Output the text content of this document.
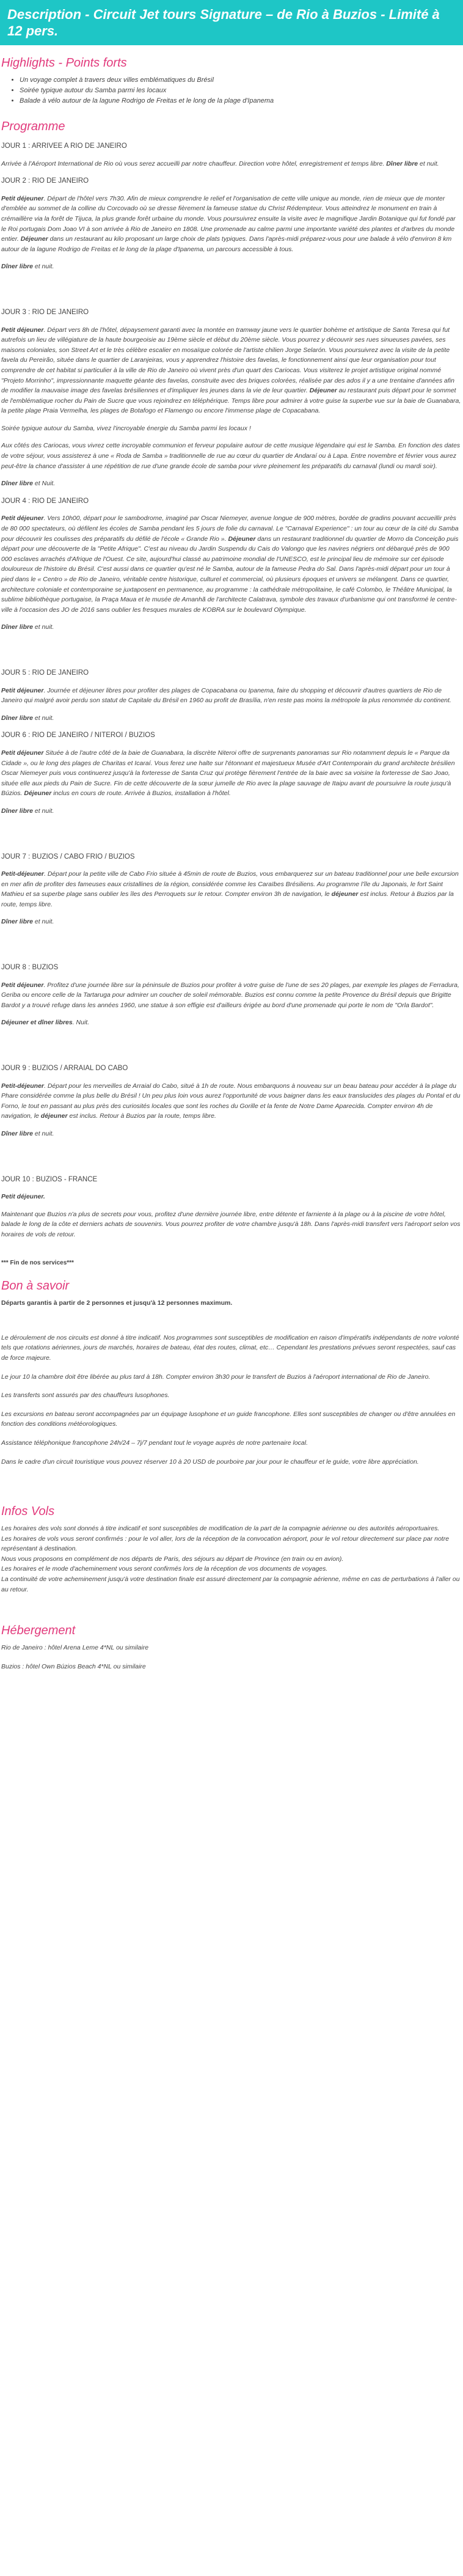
Description - Circuit Jet tours Signature – de Rio à Buzios - Limité à 12 pers.
Highlights - Points forts
• Un voyage complet à travers deux villes emblématiques du Brésil
• Soirée typique autour du Samba parmi les locaux
• Balade à vélo autour de la lagune Rodrigo de Freitas et le long de la plage d'Ipanema
Programme

JOUR 1 : ARRIVEE A RIO DE JANEIRO

Arrivée à l'Aéroport International de Rio où vous serez accueilli par notre chauffeur. Direction votre hôtel, enregistrement et temps libre. Dîner libre et nuit.

JOUR 2 : RIO DE JANEIRO

Petit déjeuner. Départ de l'hôtel vers 7h30. Afin de mieux comprendre le relief et l'organisation de cette ville unique au monde, rien de mieux que de monter d'emblée au sommet de la colline du Corcovado où se dresse fièrement la fameuse statue du Christ Rédempteur. Vous atteindrez le monument en train à crémaillère via la forêt de Tijuca, la plus grande forêt urbaine du monde. Vous poursuivrez ensuite la visite avec le magnifique Jardin Botanique qui fut fondé par le Roi portugais Dom Joao VI à son arrivée à Rio de Janeiro en 1808. Une promenade au calme parmi une importante variété des plantes et d'arbres du monde entier. Déjeuner dans un restaurant au kilo proposant un large choix de plats typiques. Dans l'après-midi préparez-vous pour une balade à vélo d'environ 8 km autour de la lagune Rodrigo de Freitas et le long de la plage d'Ipanema, un parcours accessible à tous.

Dîner libre et nuit.

JOUR 3 : RIO DE JANEIRO

Petit déjeuner. Départ vers 8h de l'hôtel, dépaysement garanti avec la montée en tramway jaune vers le quartier bohème et artistique de Santa Teresa qui fut autrefois un lieu de villégiature de la haute bourgeoisie au 19ème siècle et début du 20ème siècle. Vous pourrez y découvrir ses rues sinueuses pavées, ses maisons coloniales, son Street Art et le très célèbre escalier en mosaïque colorée de l'artiste chilien Jorge Selarón. Vous poursuivrez avec la visite de la petite favela du Pereirão, située dans le quartier de Laranjeiras, vous y apprendrez l'histoire des favelas, le fonctionnement ainsi que leur organisation pour tout comprendre de cet habitat si particulier à la ville de Rio de Janeiro où vivent près d'un quart des Cariocas. Vous visiterez le projet artistique original nommé "Projeto Morrinho", impressionnante maquette géante des favelas, construite avec des briques colorées, réalisée par des ados il y a une trentaine d'années afin de modifier la mauvaise image des favelas brésiliennes et d'impliquer les jeunes dans la vie de leur quartier. Déjeuner au restaurant puis départ pour le sommet de l'emblématique rocher du Pain de Sucre que vous rejoindrez en téléphérique. Temps libre pour admirer à votre guise la superbe vue sur la baie de Guanabara, la petite plage Praia Vermelha, les plages de Botafogo et Flamengo ou encore l'immense plage de Copacabana.

Soirée typique autour du Samba, vivez l'incroyable énergie du Samba parmi les locaux !

Aux côtés des Cariocas, vous vivrez cette incroyable communion et ferveur populaire autour de cette musique légendaire qui est le Samba. En fonction des dates de votre séjour, vous assisterez à une « Roda de Samba » traditionnelle de rue au cœur du quartier de Andaraí ou à Lapa. Entre novembre et février vous aurez peut-être la chance d'assister à une répétition de rue d'une grande école de samba pour vivre pleinement les préparatifs du carnaval (lundi ou mardi soir).

Dîner libre et Nuit.

JOUR 4 : RIO DE JANEIRO

Petit déjeuner. Vers 10h00, départ pour le sambodrome, imaginé par Oscar Niemeyer, avenue longue de 900 mètres, bordée de gradins pouvant accueillir près de 80 000 spectateurs, où défilent les écoles de Samba pendant les 5 jours de folie du carnaval. Le "Carnaval Experience" : un tour au cœur de la cité du Samba pour découvrir les coulisses des préparatifs du défilé de l'école « Grande Rio ». Déjeuner dans un restaurant traditionnel du quartier de Morro da Conceição puis départ pour une découverte de la "Petite Afrique". C'est au niveau du Jardin Suspendu du Cais do Valongo que les navires négriers ont débarqué près de 900 000 esclaves arrachés d'Afrique de l'Ouest. Ce site, aujourd'hui classé au patrimoine mondial de l'UNESCO, est le principal lieu de mémoire sur cet épisode douloureux de l'histoire du Brésil. C'est aussi dans ce quartier qu'est né le Samba, autour de la fameuse Pedra do Sal. Dans l'après-midi départ pour un tour à pied dans le « Centro » de Rio de Janeiro, véritable centre historique, culturel et commercial, où plusieurs époques et univers se mélangent. Dans ce quartier, architecture coloniale et contemporaine se juxtaposent en permanence, au programme : la cathédrale métropolitaine, le café Colombo, le Théâtre Municipal, la sublime bibliothèque portugaise, la Praça Maua et le musée de Amanhã de l'architecte Calatrava, symbole des travaux d'urbanisme qui ont transformé le centre-ville à l'occasion des JO de 2016 sans oublier les fresques murales de KOBRA sur le boulevard Olympique.

Dîner libre et nuit.

JOUR 5 : RIO DE JANEIRO

Petit déjeuner. Journée et déjeuner libres pour profiter des plages de Copacabana ou Ipanema, faire du shopping et découvrir d'autres quartiers de Rio de Janeiro qui malgré avoir perdu son statut de Capitale du Brésil en 1960 au profit de Brasília, n'en reste pas moins la métropole la plus renommée du continent.

Dîner libre et nuit.

JOUR 6 : RIO DE JANEIRO / NITEROI / BUZIOS

Petit déjeuner Située à de l'autre côté de la baie de Guanabara, la discrète Niteroi offre de surprenants panoramas sur Rio notamment depuis le « Parque da Cidade », ou le long des plages de Charitas et Icaraí. Vous ferez une halte sur l'étonnant et majestueux Musée d'Art Contemporain du grand architecte brésilien Oscar Niemeyer puis vous continuerez jusqu'à la forteresse de Santa Cruz qui protège fièrement l'entrée de la baie avec sa voisine la forteresse de Sao Joao, située elle aux pieds du Pain de Sucre. Fin de cette découverte de la sœur jumelle de Rio avec la plage sauvage de Itaipu avant de poursuivre la route jusqu'à Búzios. Déjeuner inclus en cours de route. Arrivée à Buzios, installation à l'hôtel.

Dîner libre et nuit.

JOUR 7 : BUZIOS / CABO FRIO / BUZIOS

Petit-déjeuner. Départ pour la petite ville de Cabo Frio située à 45min de route de Buzios, vous embarquerez sur un bateau traditionnel pour une belle excursion en mer afin de profiter des fameuses eaux cristallines de la région, considérée comme les Caraïbes Brésiliens. Au programme l'île du Japonais, le fort Saint Mathieu et sa superbe plage sans oublier les îles des Perroquets sur le retour. Compter environ 3h de navigation, le déjeuner est inclus. Retour à Buzios par la route, temps libre.

Dîner libre et nuit.

JOUR 8 : BUZIOS

Petit déjeuner. Profitez d'une journée libre sur la péninsule de Buzios pour profiter à votre guise de l'une de ses 20 plages, par exemple les plages de Ferradura, Geriba ou encore celle de la Tartaruga pour admirer un coucher de soleil mémorable. Buzios est connu comme la petite Provence du Brésil depuis que Brigitte Bardot y a trouvé refuge dans les années 1960, une statue à son effigie est d'ailleurs érigée au bord d'une promenade qui porte le nom de "Orla Bardot".

Déjeuner et dîner libres. Nuit.

JOUR 9 : BUZIOS / ARRAIAL DO CABO

Petit-déjeuner. Départ pour les merveilles de Arraial do Cabo, situé à 1h de route. Nous embarquons à nouveau sur un beau bateau pour accéder à la plage du Phare considérée comme la plus belle du Brésil ! Un peu plus loin vous aurez l'opportunité de vous baigner dans les eaux translucides des plages du Pontal et du Forno, le tout en passant au plus près des curiosités locales que sont les roches du Gorille et la fente de Notre Dame Aparecida. Compter environ 4h de navigation, le déjeuner est inclus. Retour à Buzios par la route, temps libre.

Dîner libre et nuit.

JOUR 10 : BUZIOS - FRANCE

Petit déjeuner.

Maintenant que Buzios n'a plus de secrets pour vous, profitez d'une dernière journée libre, entre détente et farniente à la plage ou à la piscine de votre hôtel, balade le long de la côte et derniers achats de souvenirs. Vous pourrez profiter de votre chambre jusqu'à 18h. Dans l'après-midi transfert vers l'aéroport selon vos horaires de vols de retour.

*** Fin de nos services***

Bon à savoir

Départs garantis à partir de 2 personnes et jusqu'à 12 personnes maximum.

Le déroulement de nos circuits est donné à titre indicatif. Nos programmes sont susceptibles de modification en raison d'impératifs indépendants de notre volonté tels que rotations aériennes, jours de marchés, horaires de bateau, état des routes, climat, etc… Cependant les prestations prévues seront respectées, sauf cas de force majeure.

Le jour 10 la chambre doit être libérée au plus tard à 18h. Compter environ 3h30 pour le transfert de Buzios à l'aéroport international de Rio de Janeiro.

Les transferts sont assurés par des chauffeurs lusophones.

Les excursions en bateau seront accompagnées par un équipage lusophone et un guide francophone. Elles sont susceptibles de changer ou d'être annulées en fonction des conditions météorologiques.

Assistance téléphonique francophone 24h/24 – 7j/7 pendant tout le voyage auprès de notre partenaire local.

Dans le cadre d'un circuit touristique vous pouvez réserver 10 à 20 USD de pourboire par jour pour le chauffeur et le guide, votre libre appréciation.

Infos Vols

Les horaires des vols sont donnés à titre indicatif et sont susceptibles de modification de la part de la compagnie aérienne ou des autorités aéroportuaires.

Les horaires de vols vous seront confirmés : pour le vol aller, lors de la réception de la convocation aéroport, pour le vol retour directement sur place par notre représentant à destination.

Nous vous proposons en complément de nos départs de Paris, des séjours au départ de Province (en train ou en avion).

Les horaires et le mode d'acheminement vous seront confirmés lors de la réception de vos documents de voyages.

La continuité de votre acheminement jusqu'à votre destination finale est assuré directement par la compagnie aérienne, même en cas de perturbations à l'aller ou au retour.

Hébergement

Rio de Janeiro : hôtel Arena Leme 4*NL ou similaire

Buzios : hôtel Own Búzios Beach 4*NL ou similaire
